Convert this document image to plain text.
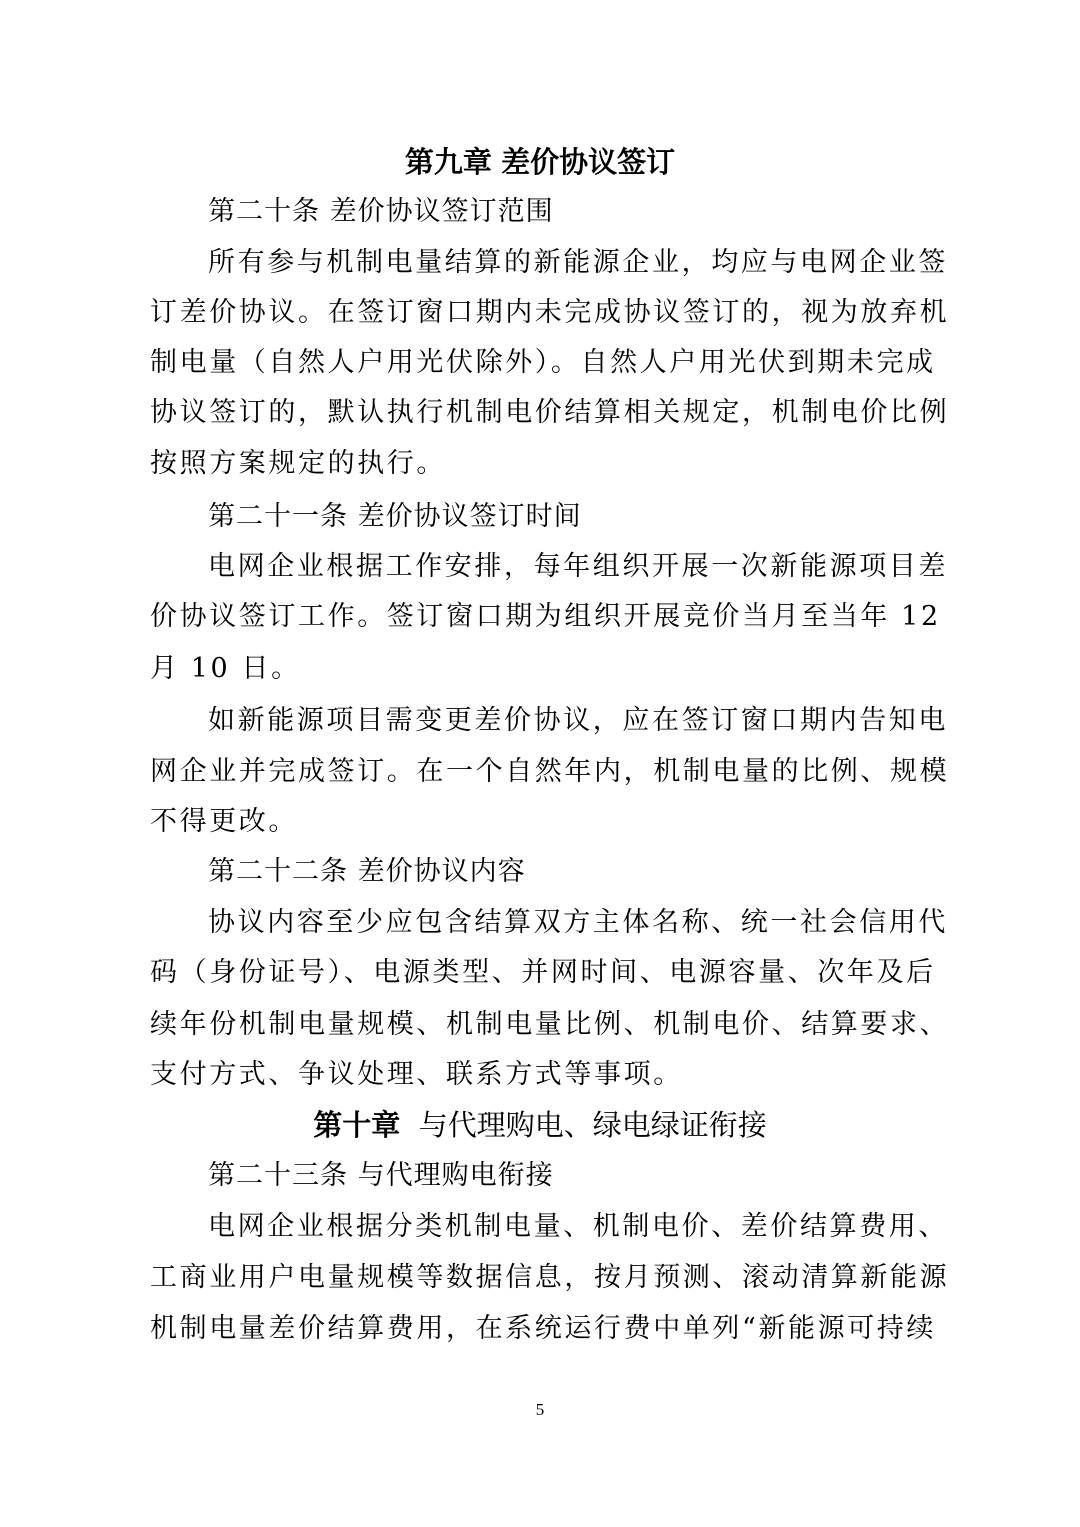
第九章 差价协议签订
第二十条 差价协议签订范围
所有参与机制电量结算的新能源企业，均应与电网企业签
订差价协议。在签订窗口期内未完成协议签订的，视为放弃机
制电量（自然人户用光伏除外）。自然人户用光伏到期未完成
协议签订的，默认执行机制电价结算相关规定，机制电价比例
按照方案规定的执行。
第二十一条 差价协议签订时间
电网企业根据工作安排，每年组织开展一次新能源项目差
价协议签订工作。签订窗口期为组织开展竞价当月至当年 12
月 10 日。
如新能源项目需变更差价协议，应在签订窗口期内告知电
网企业并完成签订。在一个自然年内，机制电量的比例、规模
不得更改。
第二十二条 差价协议内容
协议内容至少应包含结算双方主体名称、统一社会信用代
码（身份证号）、电源类型、并网时间、电源容量、次年及后
续年份机制电量规模、机制电量比例、机制电价、结算要求、
支付方式、争议处理、联系方式等事项。
第十章 与代理购电、绿电绿证衔接
第二十三条 与代理购电衔接
电网企业根据分类机制电量、机制电价、差价结算费用、
工商业用户电量规模等数据信息，按月预测、滚动清算新能源
机制电量差价结算费用，在系统运行费中单列“新能源可持续
5
